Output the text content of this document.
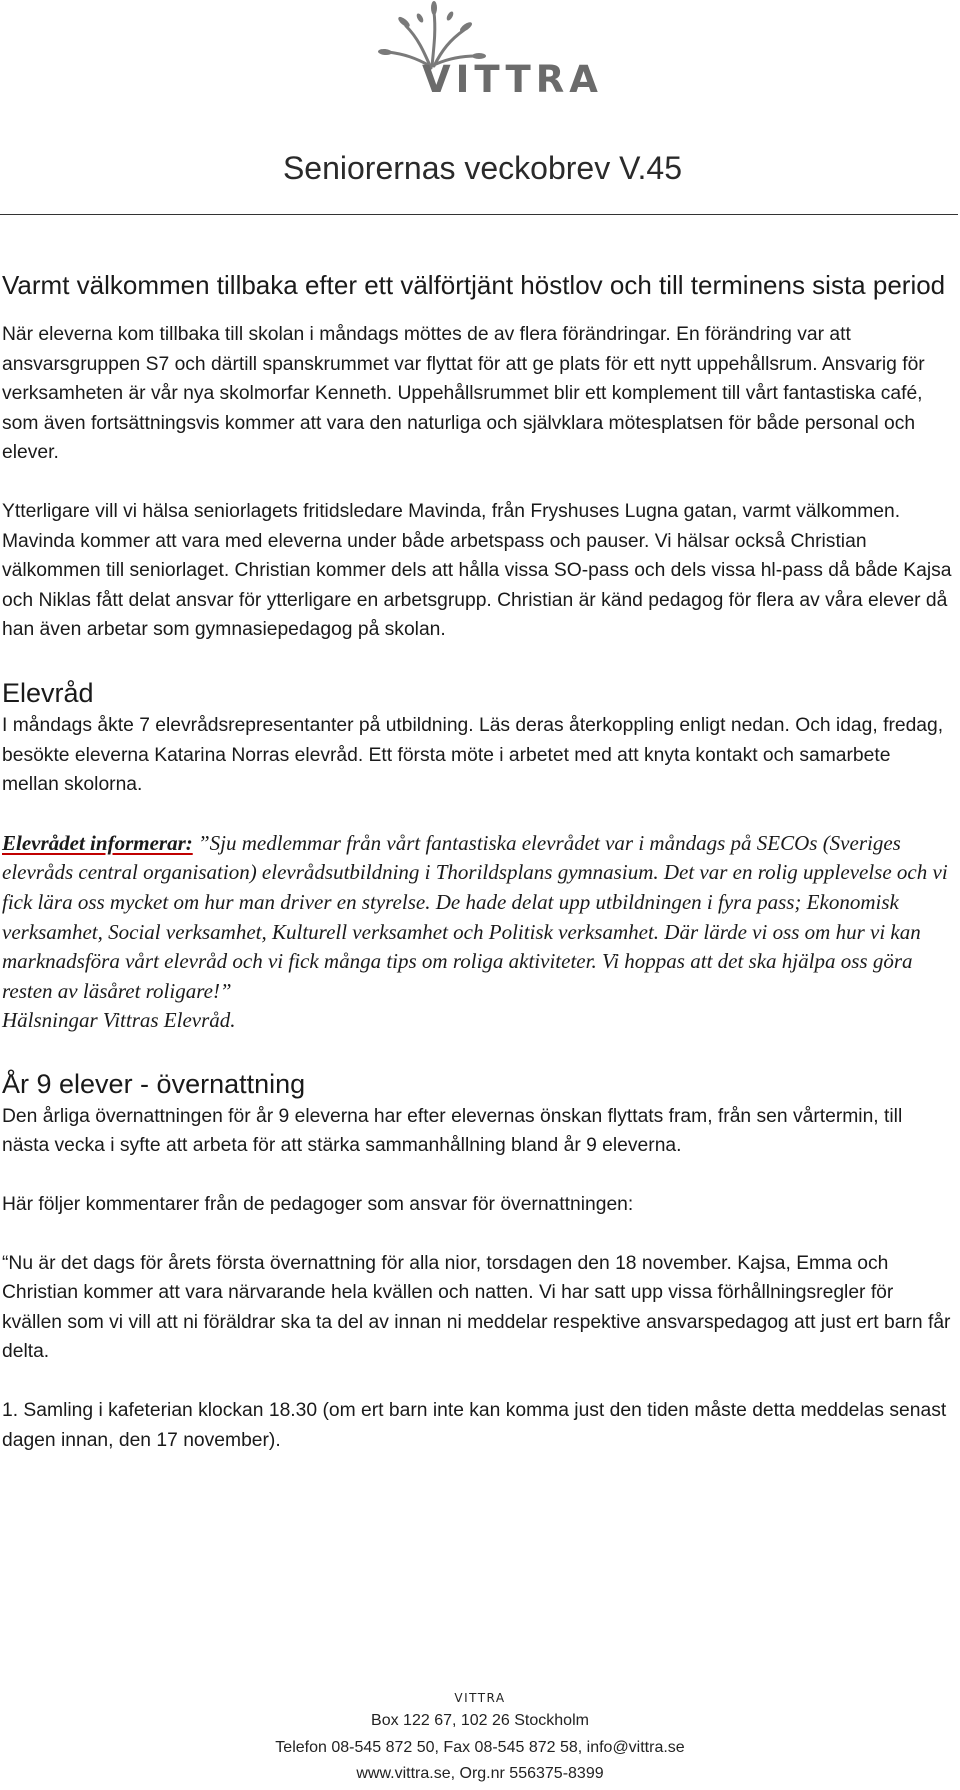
VITTRA
Seniorernas veckobrev V.45
Varmt välkommen tillbaka efter ett välförtjänt höstlov och till terminens sista period

När eleverna kom tillbaka till skolan i måndags möttes de av flera förändringar. En förändring var att ansvarsgruppen S7 och därtill spanskrummet var flyttat för att ge plats för ett nytt uppehållsrum. Ansvarig för verksamheten är vår nya skolmorfar Kenneth. Uppehållsrummet blir ett komplement till vårt fantastiska café, som även fortsättningsvis kommer att vara den naturliga och självklara mötesplatsen för både personal och elever.

Ytterligare vill vi hälsa seniorlagets fritidsledare Mavinda, från Fryshuses Lugna gatan, varmt välkommen. Mavinda kommer att vara med eleverna under både arbetspass och pauser. Vi hälsar också Christian välkommen till seniorlaget. Christian kommer dels att hålla vissa SO-pass och dels vissa hl-pass då både Kajsa och Niklas fått delat ansvar för ytterligare en arbetsgrupp. Christian är känd pedagog för flera av våra elever då han även arbetar som gymnasiepedagog på skolan.

Elevråd

I måndags åkte 7 elevrådsrepresentanter på utbildning. Läs deras återkoppling enligt nedan. Och idag, fredag, besökte eleverna Katarina Norras elevråd. Ett första möte i arbetet med att knyta kontakt och samarbete mellan skolorna.

Elevrådet informerar: ”Sju medlemmar från vårt fantastiska elevrådet var i måndags på SECOs (Sveriges elevråds central organisation) elevrådsutbildning i Thorildsplans gymnasium. Det var en rolig upplevelse och vi fick lära oss mycket om hur man driver en styrelse. De hade delat upp utbildningen i fyra pass; Ekonomisk verksamhet, Social verksamhet, Kulturell verksamhet och Politisk verksamhet. Där lärde vi oss om hur vi kan marknadsföra vårt elevråd och vi fick många tips om roliga aktiviteter. Vi hoppas att det ska hjälpa oss göra resten av läsåret roligare!”

Hälsningar Vittras Elevråd.

År 9 elever - övernattning

Den årliga övernattningen för år 9 eleverna har efter elevernas önskan flyttats fram, från sen vårtermin, till nästa vecka i syfte att arbeta för att stärka sammanhållning bland år 9 eleverna.

Här följer kommentarer från de pedagoger som ansvar för övernattningen:

“Nu är det dags för årets första övernattning för alla nior, torsdagen den 18 november. Kajsa, Emma och Christian kommer att vara närvarande hela kvällen och natten. Vi har satt upp vissa förhållningsregler för kvällen som vi vill att ni föräldrar ska ta del av innan ni meddelar respektive ansvarspedagog att just ert barn får delta.

1. Samling i kafeterian klockan 18.30 (om ert barn inte kan komma just den tiden måste detta meddelas senast dagen innan, den 17 november).

VITTRA
Box 122 67, 102 26 Stockholm
Telefon 08-545 872 50, Fax 08-545 872 58, info@vittra.se
www.vittra.se, Org.nr 556375-8399
